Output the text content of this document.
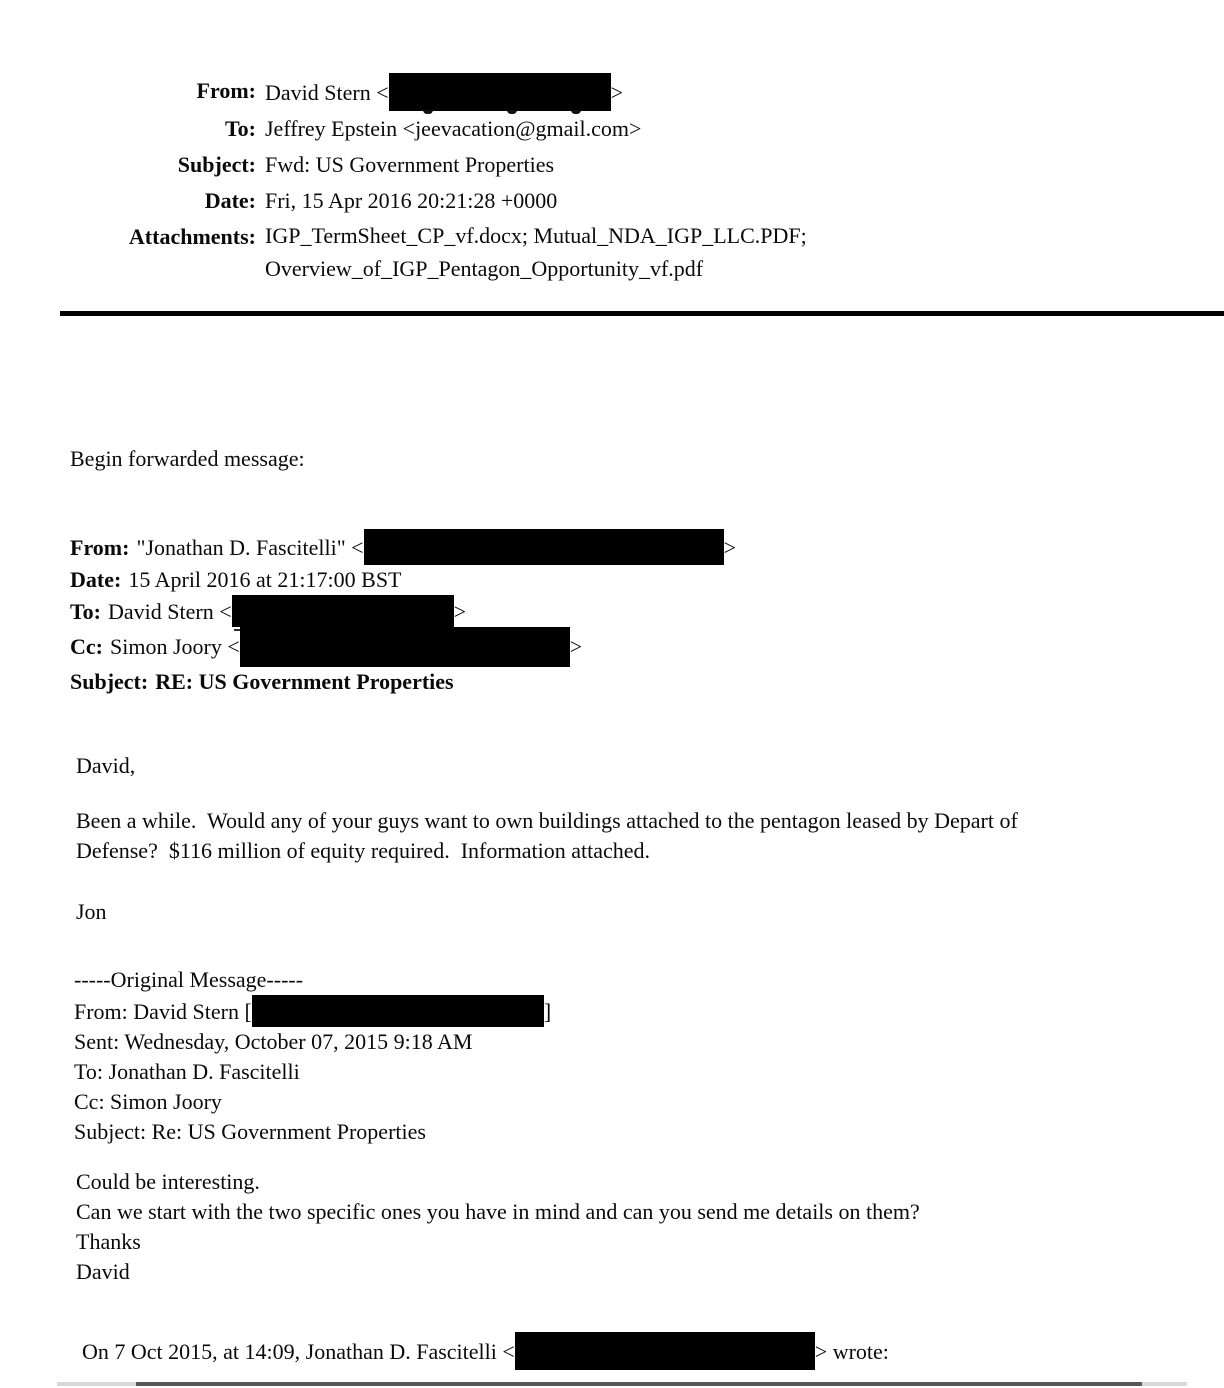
From: David Stern <	>
To: Jeffrey Epstein <jeevacation@gmail.com>
Subject: Fwd: US Government Properties
Date: Fri, 15 Apr 2016 20:21:28 +0000
Attachments: IGP_TermSheet_CP_vf.docx; Mutual_NDA_IGP_LLC.PDF;
Overview_of_IGP_Pentagon_Opportunity_vf.pdf
Begin forwarded message:
From: "Jonathan D. Fascitelli" <	>
Date: 15 April 2016 at 21:17:00 BST
To: David Stern <	>
Cc: Simon Joory <	>
Subject: RE: US Government Properties
David,
Been a while.  Would any of your guys want to own buildings attached to the pentagon leased by Depart of
Defense?  $116 million of equity required.  Information attached.
Jon
-----Original Message-----
From: David Stern [	]
Sent: Wednesday, October 07, 2015 9:18 AM
To: Jonathan D. Fascitelli
Cc: Simon Joory
Subject: Re: US Government Properties
Could be interesting.
Can we start with the two specific ones you have in mind and can you send me details on them?
Thanks
David
On 7 Oct 2015, at 14:09, Jonathan D. Fascitelli <	> wrote:
